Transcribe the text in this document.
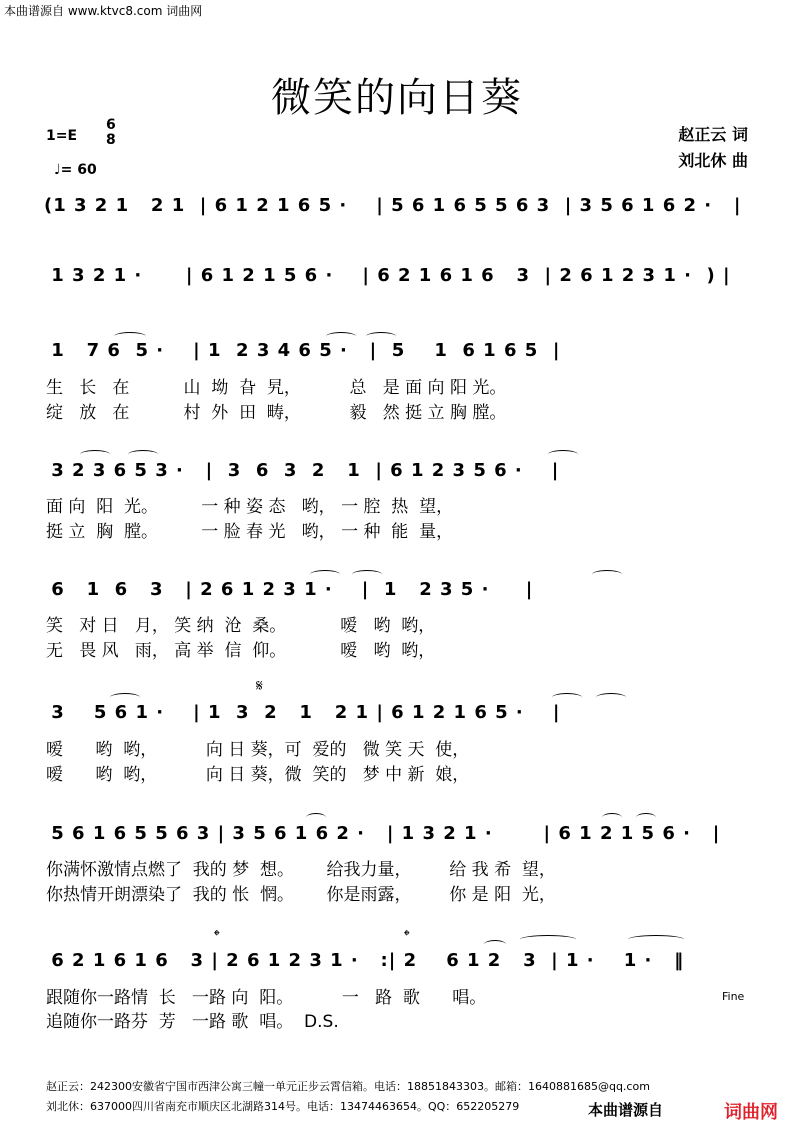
本曲谱源自 www.ktvc8.com 词曲网
微笑的向日葵
1=E
6
8
♩= 60
赵正云 词
刘北休 曲
(1 3 2 1   2 1  | 6 1 2 1 6 5 ·    | 5 6 1 6 5 5 6 3  | 3 5 6 1 6 2 ·   |
1 3 2 1 ·      | 6 1 2 1 5 6 ·    | 6 2 1 6 1 6   3  | 2 6 1 2 3 1 ·  ) |
1   7 6  5 ·    | 1  2 3 4 6 5 ·   |  5    1  6 1 6 5  |
生   长   在          山  坳  旮  旯，         总   是 面 向 阳 光。
绽   放   在          村  外  田  畴，         毅   然 挺 立 胸 膛。
3 2 3 6 5 3 ·   |  3  6  3  2   1  | 6 1 2 3 5 6 ·    |
面 向  阳  光。        一 种 姿 态   哟， 一 腔  热  望，
挺 立  胸  膛。        一 脸 春 光   哟， 一 种  能  量，
6   1  6   3   | 2 6 1 2 3 1 ·    |  1   2 3 5 ·     |
笑   对 日   月， 笑 纳  沧  桑。          嗳   哟  哟，
无   畏 风   雨， 高 举  信  仰。          嗳   哟  哟，
𝄋
3    5 6 1 ·    | 1  3  2   1   2 1 | 6 1 2 1 6 5 ·    |
嗳      哟  哟，         向 日 葵，可  爱的   微 笑 天  使，
嗳      哟  哟，         向 日 葵，微  笑的   梦 中 新  娘，
5 6 1 6 5 5 6 3 | 3 5 6 1 6 2 ·   | 1 3 2 1 ·       | 6 1 2 1 5 6 ·   |
你满怀激情点燃了  我的 梦  想。      给我力量，       给 我 希  望，
你热情开朗漂染了  我的 怅  惘。      你是雨露，       你 是 阳  光，
𝄌	𝄌
6 2 1 6 1 6   3 | 2 6 1 2 3 1 ·   :| 2    6 1 2   3  | 1 ·    1 ·   ‖
跟随你一路情  长   一路 向  阳。         一   路  歌      唱。
追随你一路芬  芳   一路 歌  唱。  D.S.
Fine
赵正云：242300安徽省宁国市西津公寓三幢一单元正步云霄信箱。电话：18851843303。邮箱：1640881685@qq.com
刘北休：637000四川省南充市顺庆区北湖路314号。电话：13474463654。QQ：652205279	本曲谱源自	词曲网
